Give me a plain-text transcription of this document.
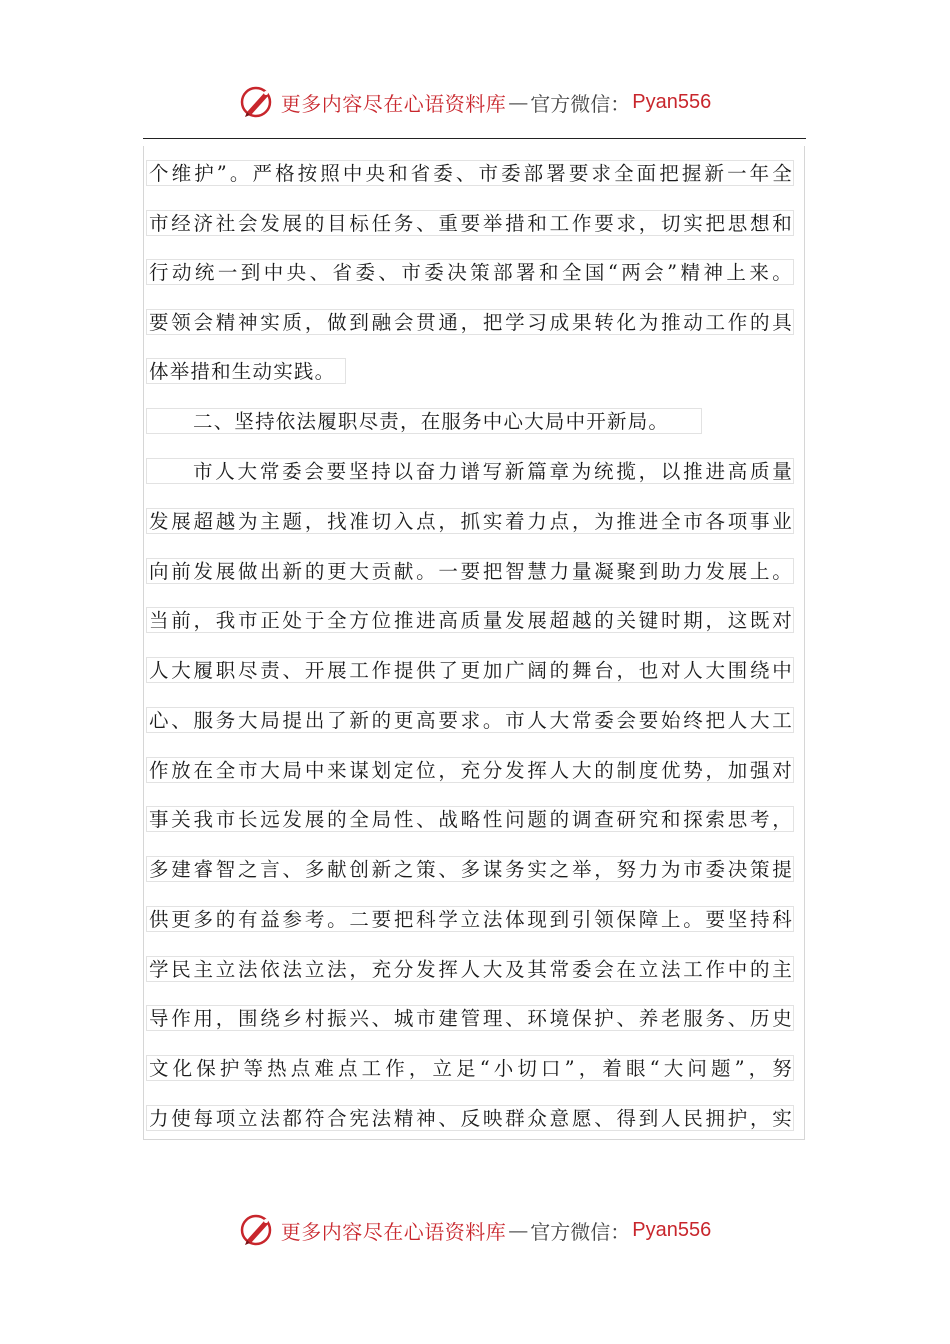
更多内容尽在心语资料库 — 官方微信： Pyan556
个维护”。严格按照中央和省委、市委部署要求全面把握新一年全
市经济社会发展的目标任务、重要举措和工作要求，切实把思想和
行动统一到中央、省委、市委决策部署和全国“两会”精神上来。
要领会精神实质，做到融会贯通，把学习成果转化为推动工作的具
体举措和生动实践。
二、坚持依法履职尽责，在服务中心大局中开新局。
市人大常委会要坚持以奋力谱写新篇章为统揽，以推进高质量
发展超越为主题，找准切入点，抓实着力点，为推进全市各项事业
向前发展做出新的更大贡献。一要把智慧力量凝聚到助力发展上。
当前，我市正处于全方位推进高质量发展超越的关键时期，这既对
人大履职尽责、开展工作提供了更加广阔的舞台，也对人大围绕中
心、服务大局提出了新的更高要求。市人大常委会要始终把人大工
作放在全市大局中来谋划定位，充分发挥人大的制度优势，加强对
事关我市长远发展的全局性、战略性问题的调查研究和探索思考，
多建睿智之言、多献创新之策、多谋务实之举，努力为市委决策提
供更多的有益参考。二要把科学立法体现到引领保障上。要坚持科
学民主立法依法立法，充分发挥人大及其常委会在立法工作中的主
导作用，围绕乡村振兴、城市建管理、环境保护、养老服务、历史
文化保护等热点难点工作，立足“小切口”，着眼“大问题”，努
力使每项立法都符合宪法精神、反映群众意愿、得到人民拥护，实
更多内容尽在心语资料库 — 官方微信： Pyan556
